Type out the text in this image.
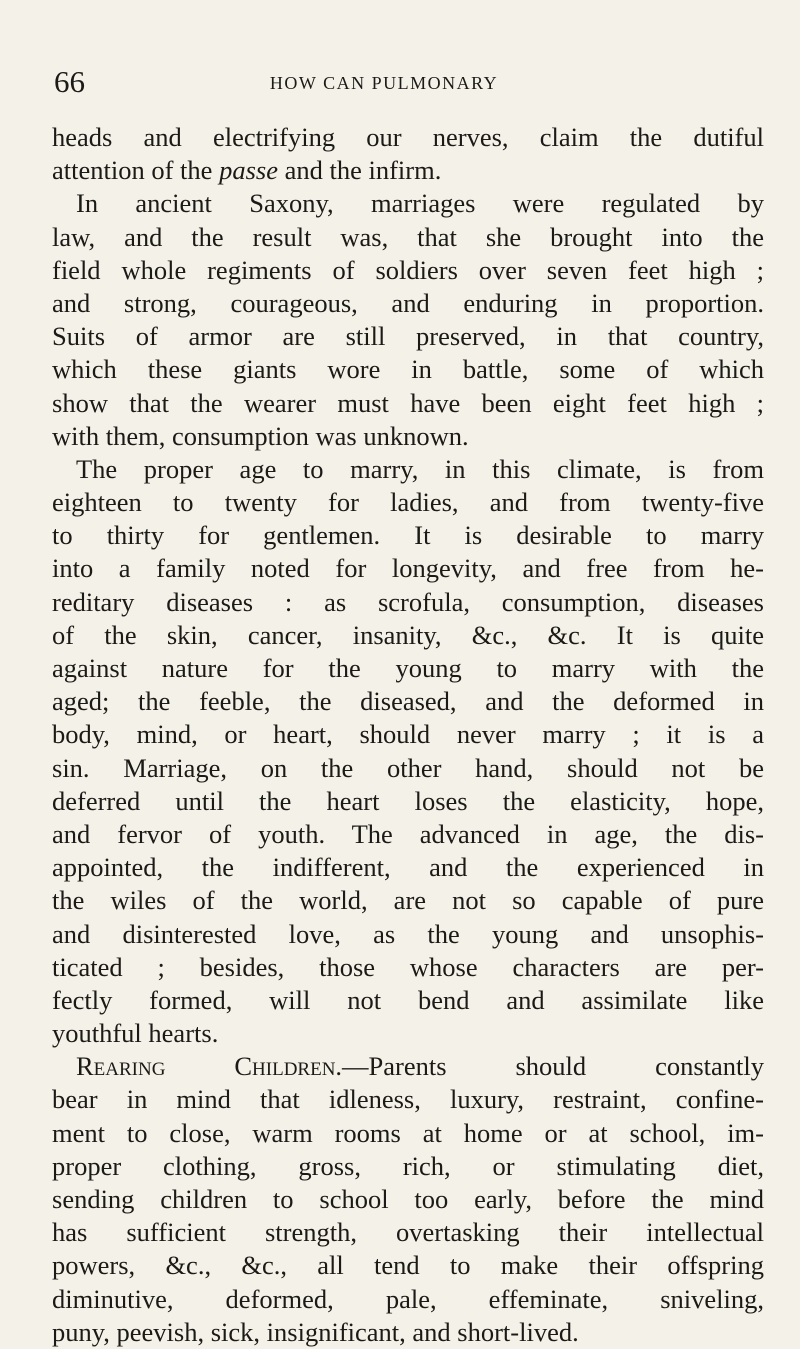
66	HOW CAN PULMONARY
heads and electrifying our nerves, claim the dutiful
attention of the passe and the infirm.
In ancient Saxony, marriages were regulated by
law, and the result was, that she brought into the
field whole regiments of soldiers over seven feet high ;
and strong, courageous, and enduring in proportion.
Suits of armor are still preserved, in that country,
which these giants wore in battle, some of which
show that the wearer must have been eight feet high ;
with them, consumption was unknown.
The proper age to marry, in this climate, is from
eighteen to twenty for ladies, and from twenty-five
to thirty for gentlemen. It is desirable to marry
into a family noted for longevity, and free from he-
reditary diseases : as scrofula, consumption, diseases
of the skin, cancer, insanity, &c., &c. It is quite
against nature for the young to marry with the
aged; the feeble, the diseased, and the deformed in
body, mind, or heart, should never marry ; it is a
sin. Marriage, on the other hand, should not be
deferred until the heart loses the elasticity, hope,
and fervor of youth. The advanced in age, the dis-
appointed, the indifferent, and the experienced in
the wiles of the world, are not so capable of pure
and disinterested love, as the young and unsophis-
ticated ; besides, those whose characters are per-
fectly formed, will not bend and assimilate like
youthful hearts.
Rearing Children.—Parents should constantly
bear in mind that idleness, luxury, restraint, confine-
ment to close, warm rooms at home or at school, im-
proper clothing, gross, rich, or stimulating diet,
sending children to school too early, before the mind
has sufficient strength, overtasking their intellectual
powers, &c., &c., all tend to make their offspring
diminutive, deformed, pale, effeminate, sniveling,
puny, peevish, sick, insignificant, and short-lived.
